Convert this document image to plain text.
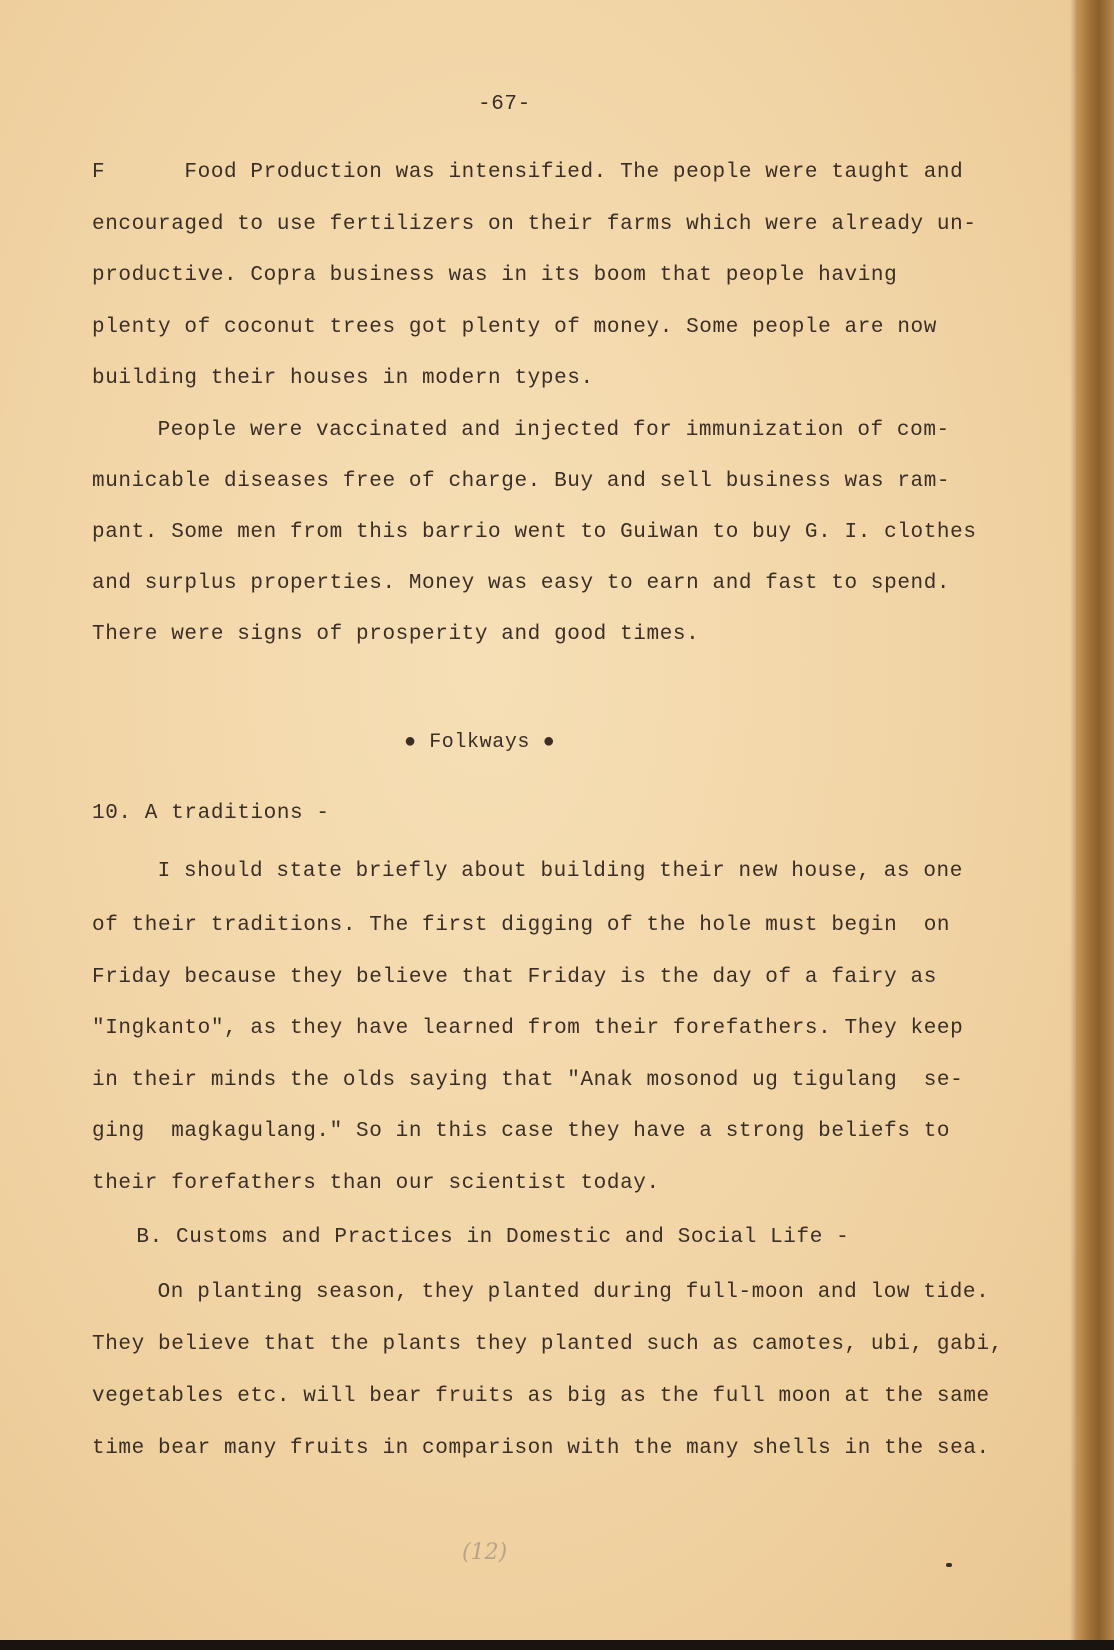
-67-

F      Food Production was intensified. The people were taught and

encouraged to use fertilizers on their farms which were already un-

productive. Copra business was in its boom that people having

plenty of coconut trees got plenty of money. Some people are now

building their houses in modern types.

People were vaccinated and injected for immunization of com-

municable diseases free of charge. Buy and sell business was ram-

pant. Some men from this barrio went to Guiwan to buy G. I. clothes

and surplus properties. Money was easy to earn and fast to spend.

There were signs of prosperity and good times.

● Folkways ●

10. A traditions -

I should state briefly about building their new house, as one

of their traditions. The first digging of the hole must begin  on

Friday because they believe that Friday is the day of a fairy as

"Ingkanto", as they have learned from their forefathers. They keep

in their minds the olds saying that "Anak mosonod ug tigulang  se-

ging  magkagulang." So in this case they have a strong beliefs to

their forefathers than our scientist today.

B. Customs and Practices in Domestic and Social Life -

On planting season, they planted during full-moon and low tide.

They believe that the plants they planted such as camotes, ubi, gabi,

vegetables etc. will bear fruits as big as the full moon at the same

time bear many fruits in comparison with the many shells in the sea.

(12)
